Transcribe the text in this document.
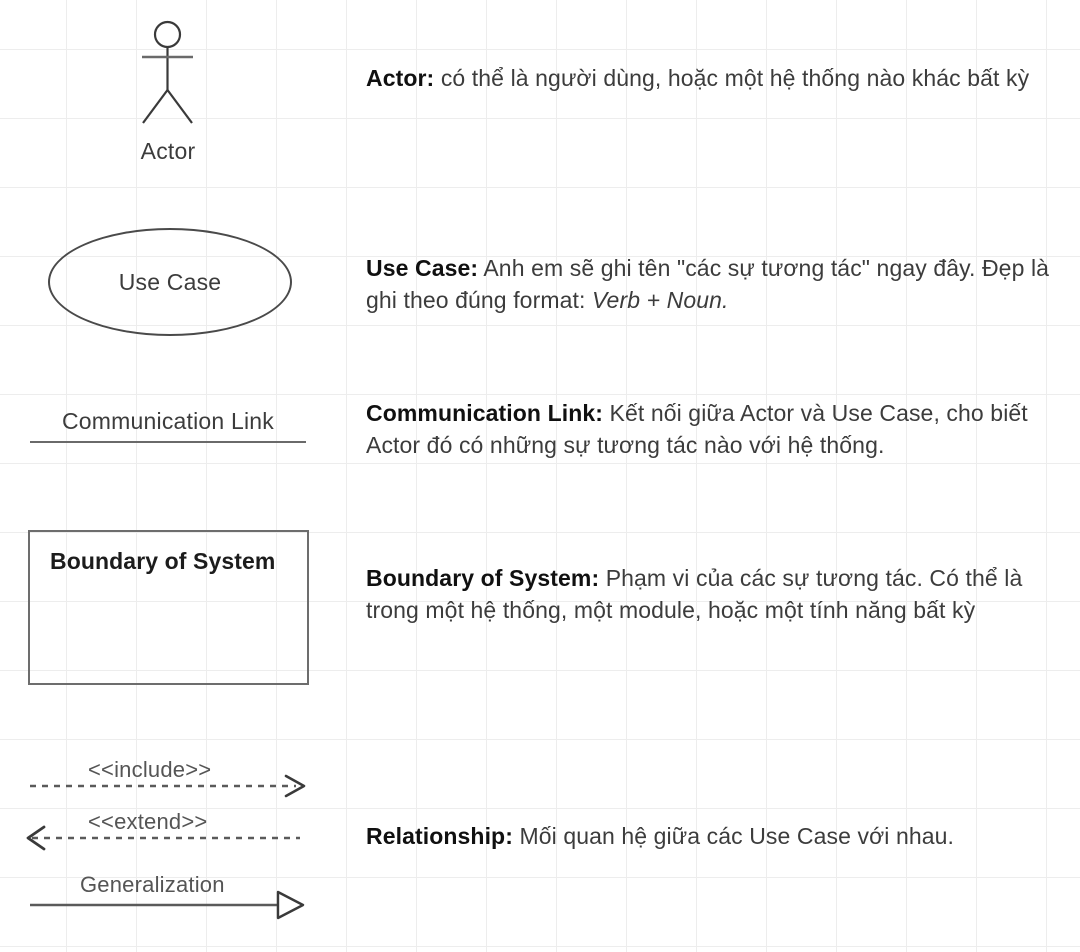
Actor
Actor: có thể là người dùng, hoặc một hệ thống nào khác bất kỳ
Use Case
Use Case: Anh em sẽ ghi tên "các sự tương tác" ngay đây. Đẹp là ghi theo đúng format: Verb + Noun.
Communication Link	Communication Link: Kết nối giữa Actor và Use Case, cho biết Actor đó có những sự tương tác nào với hệ thống.
Boundary of System
Boundary of System: Phạm vi của các sự tương tác. Có thể là trong một hệ thống, một module, hoặc một tính năng bất kỳ
<<include>>
<<extend>>
Generalization
Relationship: Mối quan hệ giữa các Use Case với nhau.
